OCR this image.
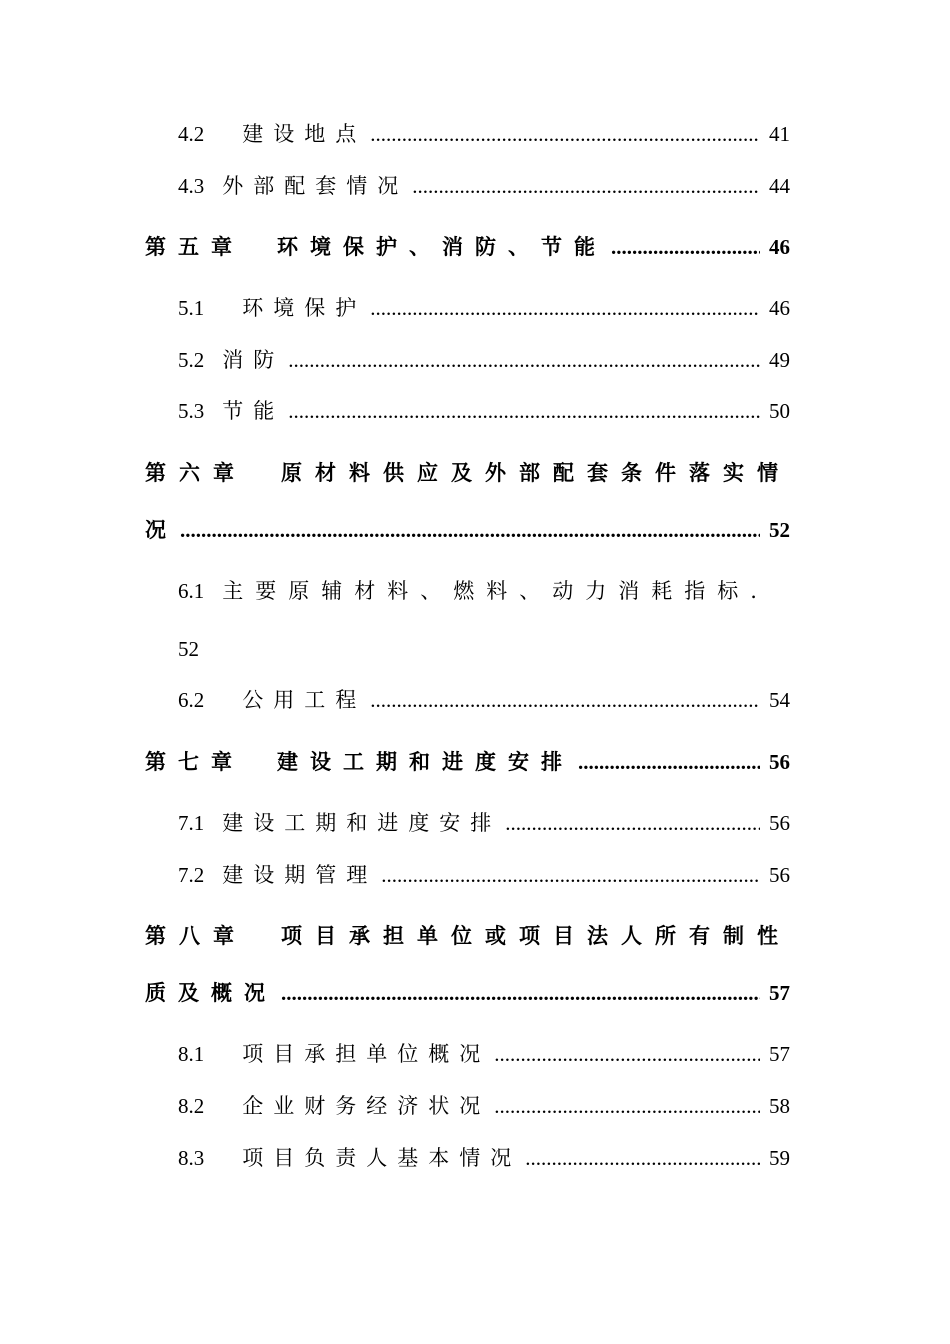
4.2 建设地点 .....	41
4.3 外部配套情况 .....	44
第五章　环境保护、消防、节能 .....	46
5.1 环境保护 .....	46
5.2 消防 .....	49
5.3 节能 .....	50
第六章　原材料供应及外部配套条件落实情
况 .....	52
6.1 主要原辅材料、燃料、动力消耗指标.
52
6.2 公用工程 .....	54
第七章　建设工期和进度安排 .....	56
7.1 建设工期和进度安排 .....	56
7.2 建设期管理 .....	56
第八章　项目承担单位或项目法人所有制性
质及概况 .....	57
8.1 项目承担单位概况 .....	57
8.2 企业财务经济状况 .....	58
8.3 项目负责人基本情况 .....	59
